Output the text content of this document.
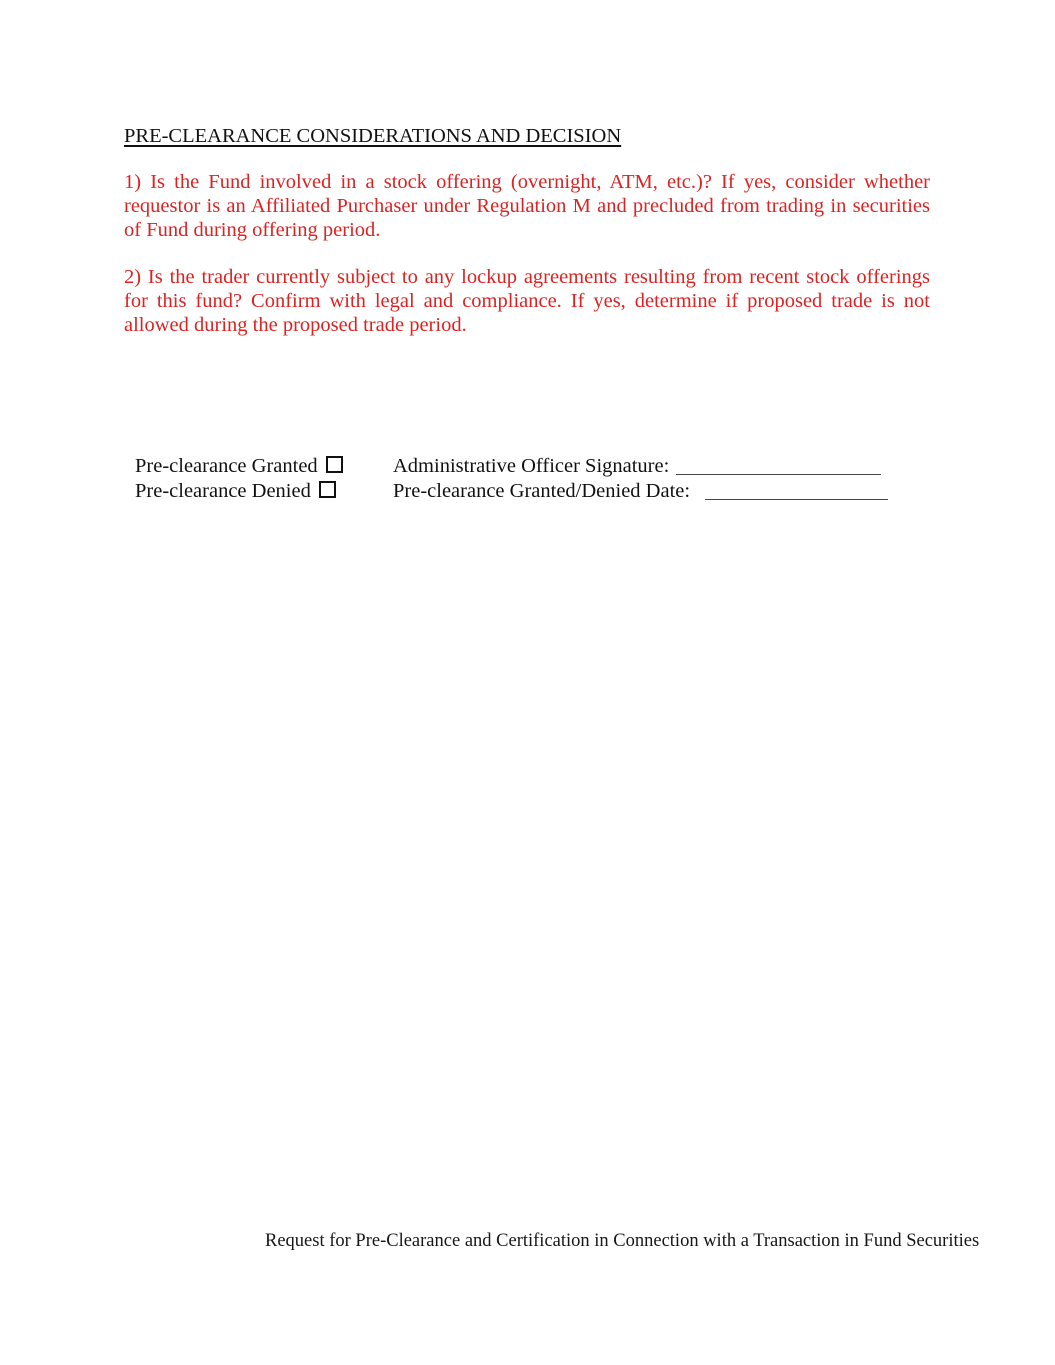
PRE-CLEARANCE CONSIDERATIONS AND DECISION
1) Is the Fund involved in a stock offering (overnight, ATM, etc.)? If yes, consider whether
requestor is an Affiliated Purchaser under Regulation M and precluded from trading in securities
of Fund during offering period.
2) Is the trader currently subject to any lockup agreements resulting from recent stock offerings
for this fund? Confirm with legal and compliance. If yes, determine if proposed trade is not
allowed during the proposed trade period.
Pre-clearance Granted
Pre-clearance Denied
Administrative Officer Signature:
Pre-clearance Granted/Denied Date:
Request for Pre-Clearance and Certification in Connection with a Transaction in Fund Securities
